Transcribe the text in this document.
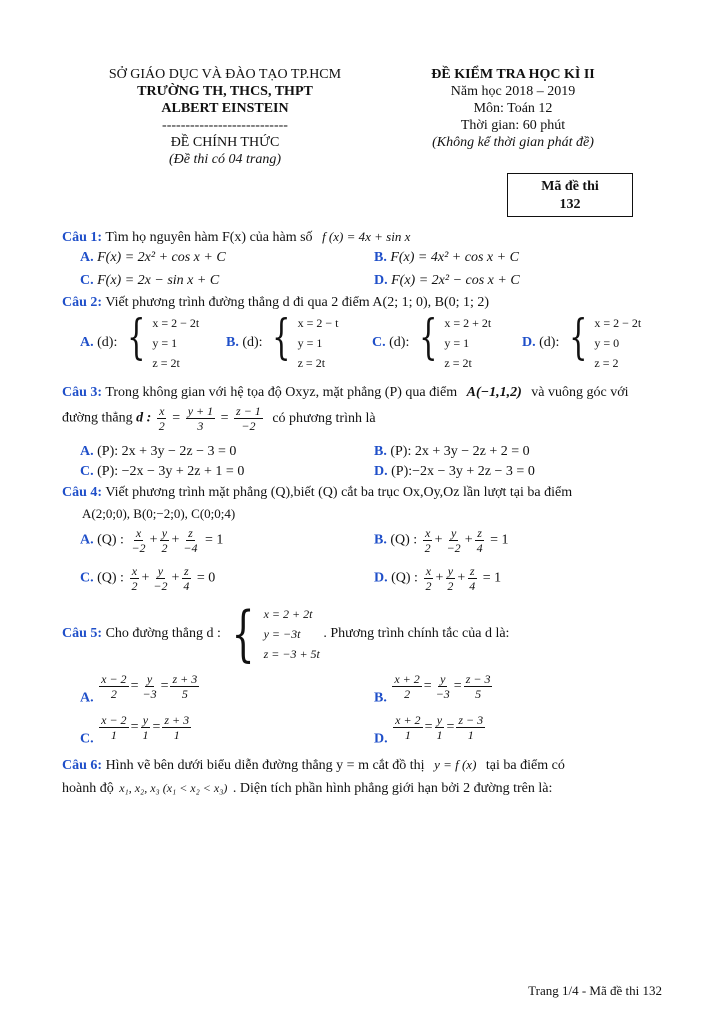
SỞ GIÁO DỤC VÀ ĐÀO TẠO TP.HCM
TRƯỜNG TH, THCS, THPT
ALBERT EINSTEIN
---------------------------
ĐỀ CHÍNH THỨC
(Đề thi có 04 trang)
ĐỀ KIỂM TRA HỌC KÌ II
Năm học 2018 – 2019
Môn: Toán 12
Thời gian: 60 phút
(Không kể thời gian phát đề)
Mã đề thi
132
Câu 1: Tìm họ nguyên hàm F(x) của hàm số f (x) = 4x + sin x
A. F(x) = 2x² + cos x + C	B. F(x) = 4x² + cos x + C
C. F(x) = 2x − sin x + C	D. F(x) = 2x² − cos x + C
Câu 2: Viết phương trình đường thẳng d đi qua 2 điểm A(2; 1; 0), B(0; 1; 2)
A. (d): { x = 2 − 2t
y = 1
z = 2t
B. (d): { x = 2 − t
y = 1
z = 2t
C. (d): { x = 2 + 2t
y = 1
z = 2t
D. (d): { x = 2 − 2t
y = 0
z = 2
Câu 3: Trong không gian với hệ tọa độ Oxyz, mặt phẳng (P) qua điểm A(−1,1,2) và vuông góc với
đường thẳng d : $\frac{x}{2} = \frac{y + 1}{3} = \frac{z - 1}{-2}$ có phương trình là
A. (P): 2x + 3y − 2z − 3 = 0	B. (P): 2x + 3y − 2z + 2 = 0
C. (P): −2x − 3y + 2z + 1 = 0	D. (P):−2x − 3y + 2z − 3 = 0
Câu 4: Viết phương trình mặt phẳng (Q),biết (Q) cắt ba trục Ox,Oy,Oz lần lượt tại ba điểm
A(2;0;0), B(0;−2;0), C(0;0;4)
A. (Q) : $\frac{x}{-2} + \frac{y}{2} + \frac{z}{-4} = 1$	B. (Q) : $\frac{x}{2} + \frac{y}{-2} + \frac{z}{4} = 1$
C. (Q) : $\frac{x}{2} + \frac{y}{-2} + \frac{z}{4} = 0$	D. (Q) : $\frac{x}{2} + \frac{y}{2} + \frac{z}{4} = 1$
Câu 5: Cho đường thẳng d : { x = 2 + 2t
y = −3t
z = −3 + 5t
. Phương trình chính tắc của d là:
A. $\frac{x - 2}{2} = \frac{y}{-3} = \frac{z + 3}{5}$	B. $\frac{x + 2}{2} = \frac{y}{-3} = \frac{z - 3}{5}$
C. $\frac{x - 2}{1} = \frac{y}{1} = \frac{z + 3}{1}$	D. $\frac{x + 2}{1} = \frac{y}{1} = \frac{z - 3}{1}$
Câu 6: Hình vẽ bên dưới biểu diễn đường thẳng y = m cắt đồ thị y = f (x) tại ba điểm có
hoành độ x₁, x₂, x₃ (x₁ < x₂ < x₃) . Diện tích phần hình phẳng giới hạn bởi 2 đường trên là:
Trang 1/4 - Mã đề thi 132
